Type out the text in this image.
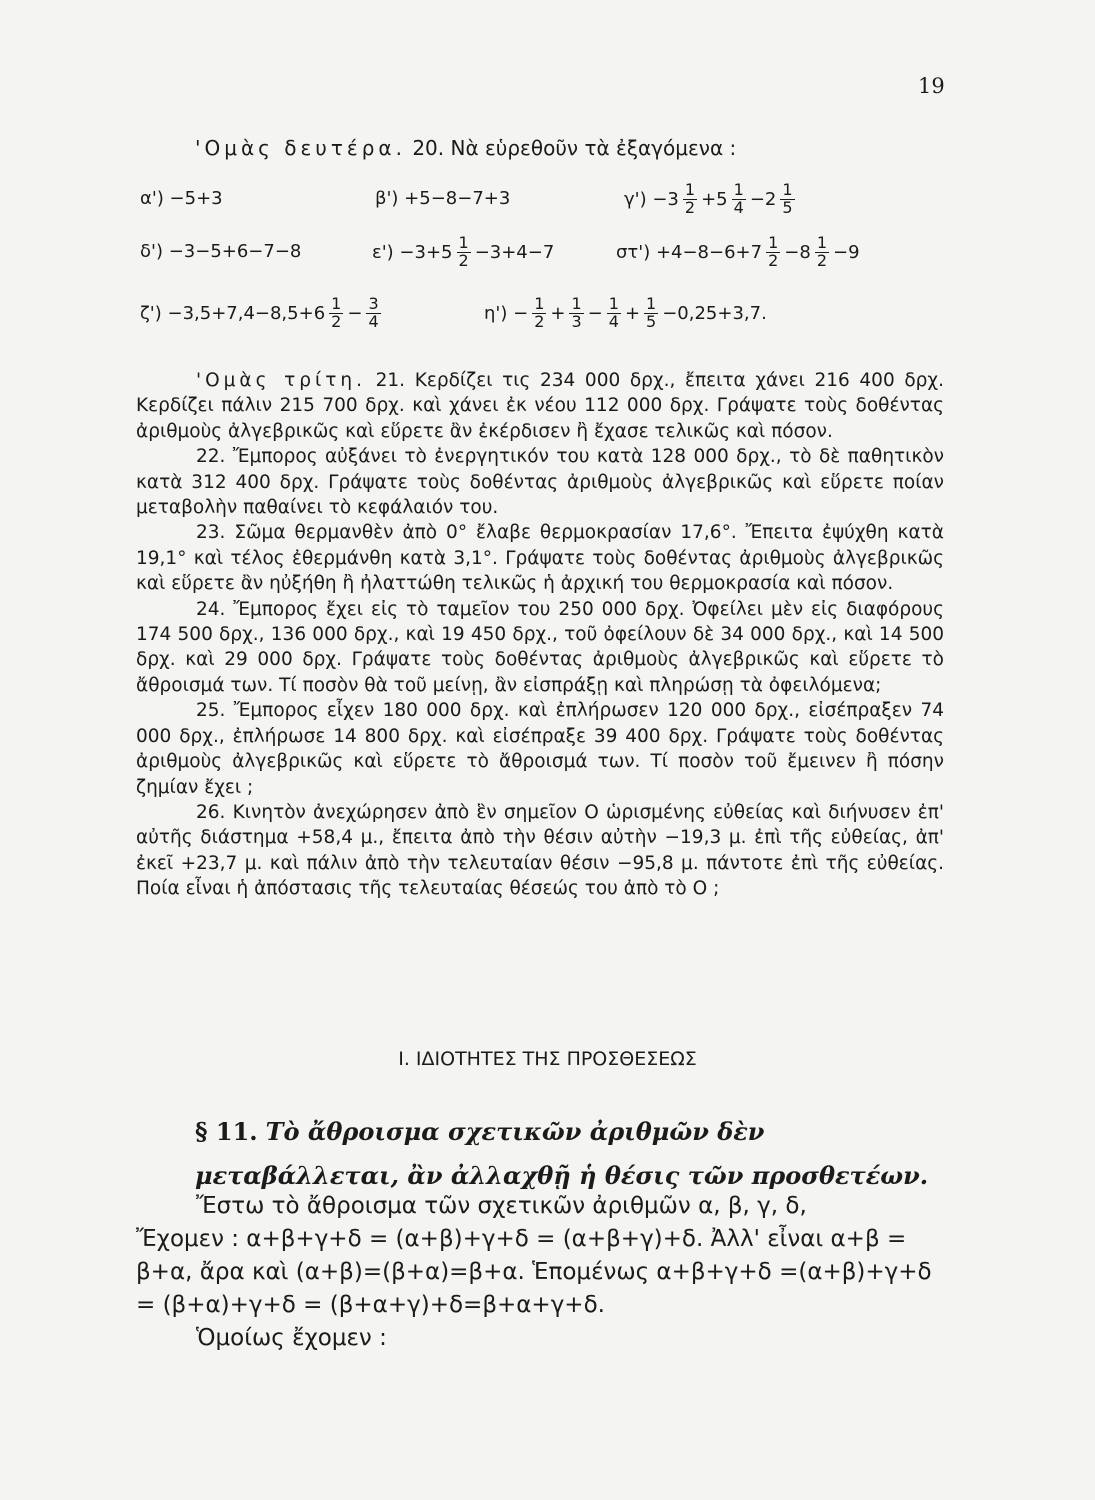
19
'Ομὰς δευτέρα. 20. Νὰ εὑρεθοῦν τὰ ἐξαγόμενα :
α') −5+3	β') +5−8−7+3	$\gamma') -3 \frac{1}{2} +5 \frac{1}{4} -2 \frac{1}{5}$
δ') −3−5+6−7−8	$\varepsilon') -3+5 \frac{1}{2} -3+4-7$	$\sigma\tau') +4-8-6+7 \frac{1}{2} -8 \frac{1}{2} -9$
$\zeta') -3,5+7,4-8,5+6 \frac{1}{2} - \frac{3}{4}$	$\eta') - \frac{1}{2} + \frac{1}{3} - \frac{1}{4} + \frac{1}{5} -0,25+3,7$.

'Ομὰς τρίτη. 21. Κερδίζει τις 234 000 δρχ., ἔπειτα χάνει 216 400 δρχ. Κερδίζει πάλιν 215 700 δρχ. καὶ χάνει ἐκ νέου 112 000 δρχ. Γράψατε τοὺς δοθέντας ἀριθμοὺς ἀλγεβρικῶς καὶ εὕρετε ἂν ἐκέρδισεν ἢ ἔχασε τελικῶς καὶ πόσον.

22. Ἔμπορος αὐξάνει τὸ ἐνεργητικόν του κατὰ 128 000 δρχ., τὸ δὲ παθητικὸν κατὰ 312 400 δρχ. Γράψατε τοὺς δοθέντας ἀριθμοὺς ἀλγεβρικῶς καὶ εὕρετε ποίαν μεταβολὴν παθαίνει τὸ κεφάλαιόν του.

23. Σῶμα θερμανθὲν ἀπὸ 0° ἔλαβε θερμοκρασίαν 17,6°. Ἔπειτα ἐψύχθη κατὰ 19,1° καὶ τέλος ἐθερμάνθη κατὰ 3,1°. Γράψατε τοὺς δοθέντας ἀριθμοὺς ἀλγεβρικῶς καὶ εὕρετε ἂν ηὐξήθη ἢ ἠλαττώθη τελικῶς ἡ ἀρχική του θερμοκρασία καὶ πόσον.

24. Ἔμπορος ἔχει εἰς τὸ ταμεῖον του 250 000 δρχ. Ὀφείλει μὲν εἰς διαφόρους 174 500 δρχ., 136 000 δρχ., καὶ 19 450 δρχ., τοῦ ὀφείλουν δὲ 34 000 δρχ., καὶ 14 500 δρχ. καὶ 29 000 δρχ. Γράψατε τοὺς δοθέντας ἀριθμοὺς ἀλγεβρικῶς καὶ εὕρετε τὸ ἄθροισμά των. Τί ποσὸν θὰ τοῦ μείνῃ, ἂν εἰσπράξῃ καὶ πληρώσῃ τὰ ὀφειλόμενα;

25. Ἔμπορος εἶχεν 180 000 δρχ. καὶ ἐπλήρωσεν 120 000 δρχ., εἰσέπραξεν 74 000 δρχ., ἐπλήρωσε 14 800 δρχ. καὶ εἰσέπραξε 39 400 δρχ. Γράψατε τοὺς δοθέντας ἀριθμοὺς ἀλγεβρικῶς καὶ εὕρετε τὸ ἄθροισμά των. Τί ποσὸν τοῦ ἔμεινεν ἢ πόσην ζημίαν ἔχει ;

26. Κινητὸν ἀνεχώρησεν ἀπὸ ἓν σημεῖον Ο ὡρισμένης εὐθείας καὶ διήνυσεν ἐπ' αὐτῆς διάστημα +58,4 μ., ἔπειτα ἀπὸ τὴν θέσιν αὐτὴν −19,3 μ. ἐπὶ τῆς εὐθείας, ἀπ' ἐκεῖ +23,7 μ. καὶ πάλιν ἀπὸ τὴν τελευταίαν θέσιν −95,8 μ. πάντοτε ἐπὶ τῆς εὐθείας. Ποία εἶναι ἡ ἀπόστασις τῆς τελευταίας θέσεώς του ἀπὸ τὸ Ο ;

I. ΙΔΙΟΤΗΤΕΣ ΤΗΣ ΠΡΟΣΘΕΣΕΩΣ
§ 11. Τὸ ἄθροισμα σχετικῶν ἀριθμῶν δὲν μεταβάλλεται, ἂν ἀλλαχθῇ ἡ θέσις τῶν προσθετέων.

Ἔστω τὸ ἄθροισμα τῶν σχετικῶν ἀριθμῶν α, β, γ, δ,

Ἔχομεν : α+β+γ+δ = (α+β)+γ+δ = (α+β+γ)+δ. Ἀλλ' εἶναι α+β = β+α, ἄρα καὶ (α+β)=(β+α)=β+α. Ἑπομένως α+β+γ+δ =(α+β)+γ+δ = (β+α)+γ+δ = (β+α+γ)+δ=β+α+γ+δ.

Ὁμοίως ἔχομεν :
